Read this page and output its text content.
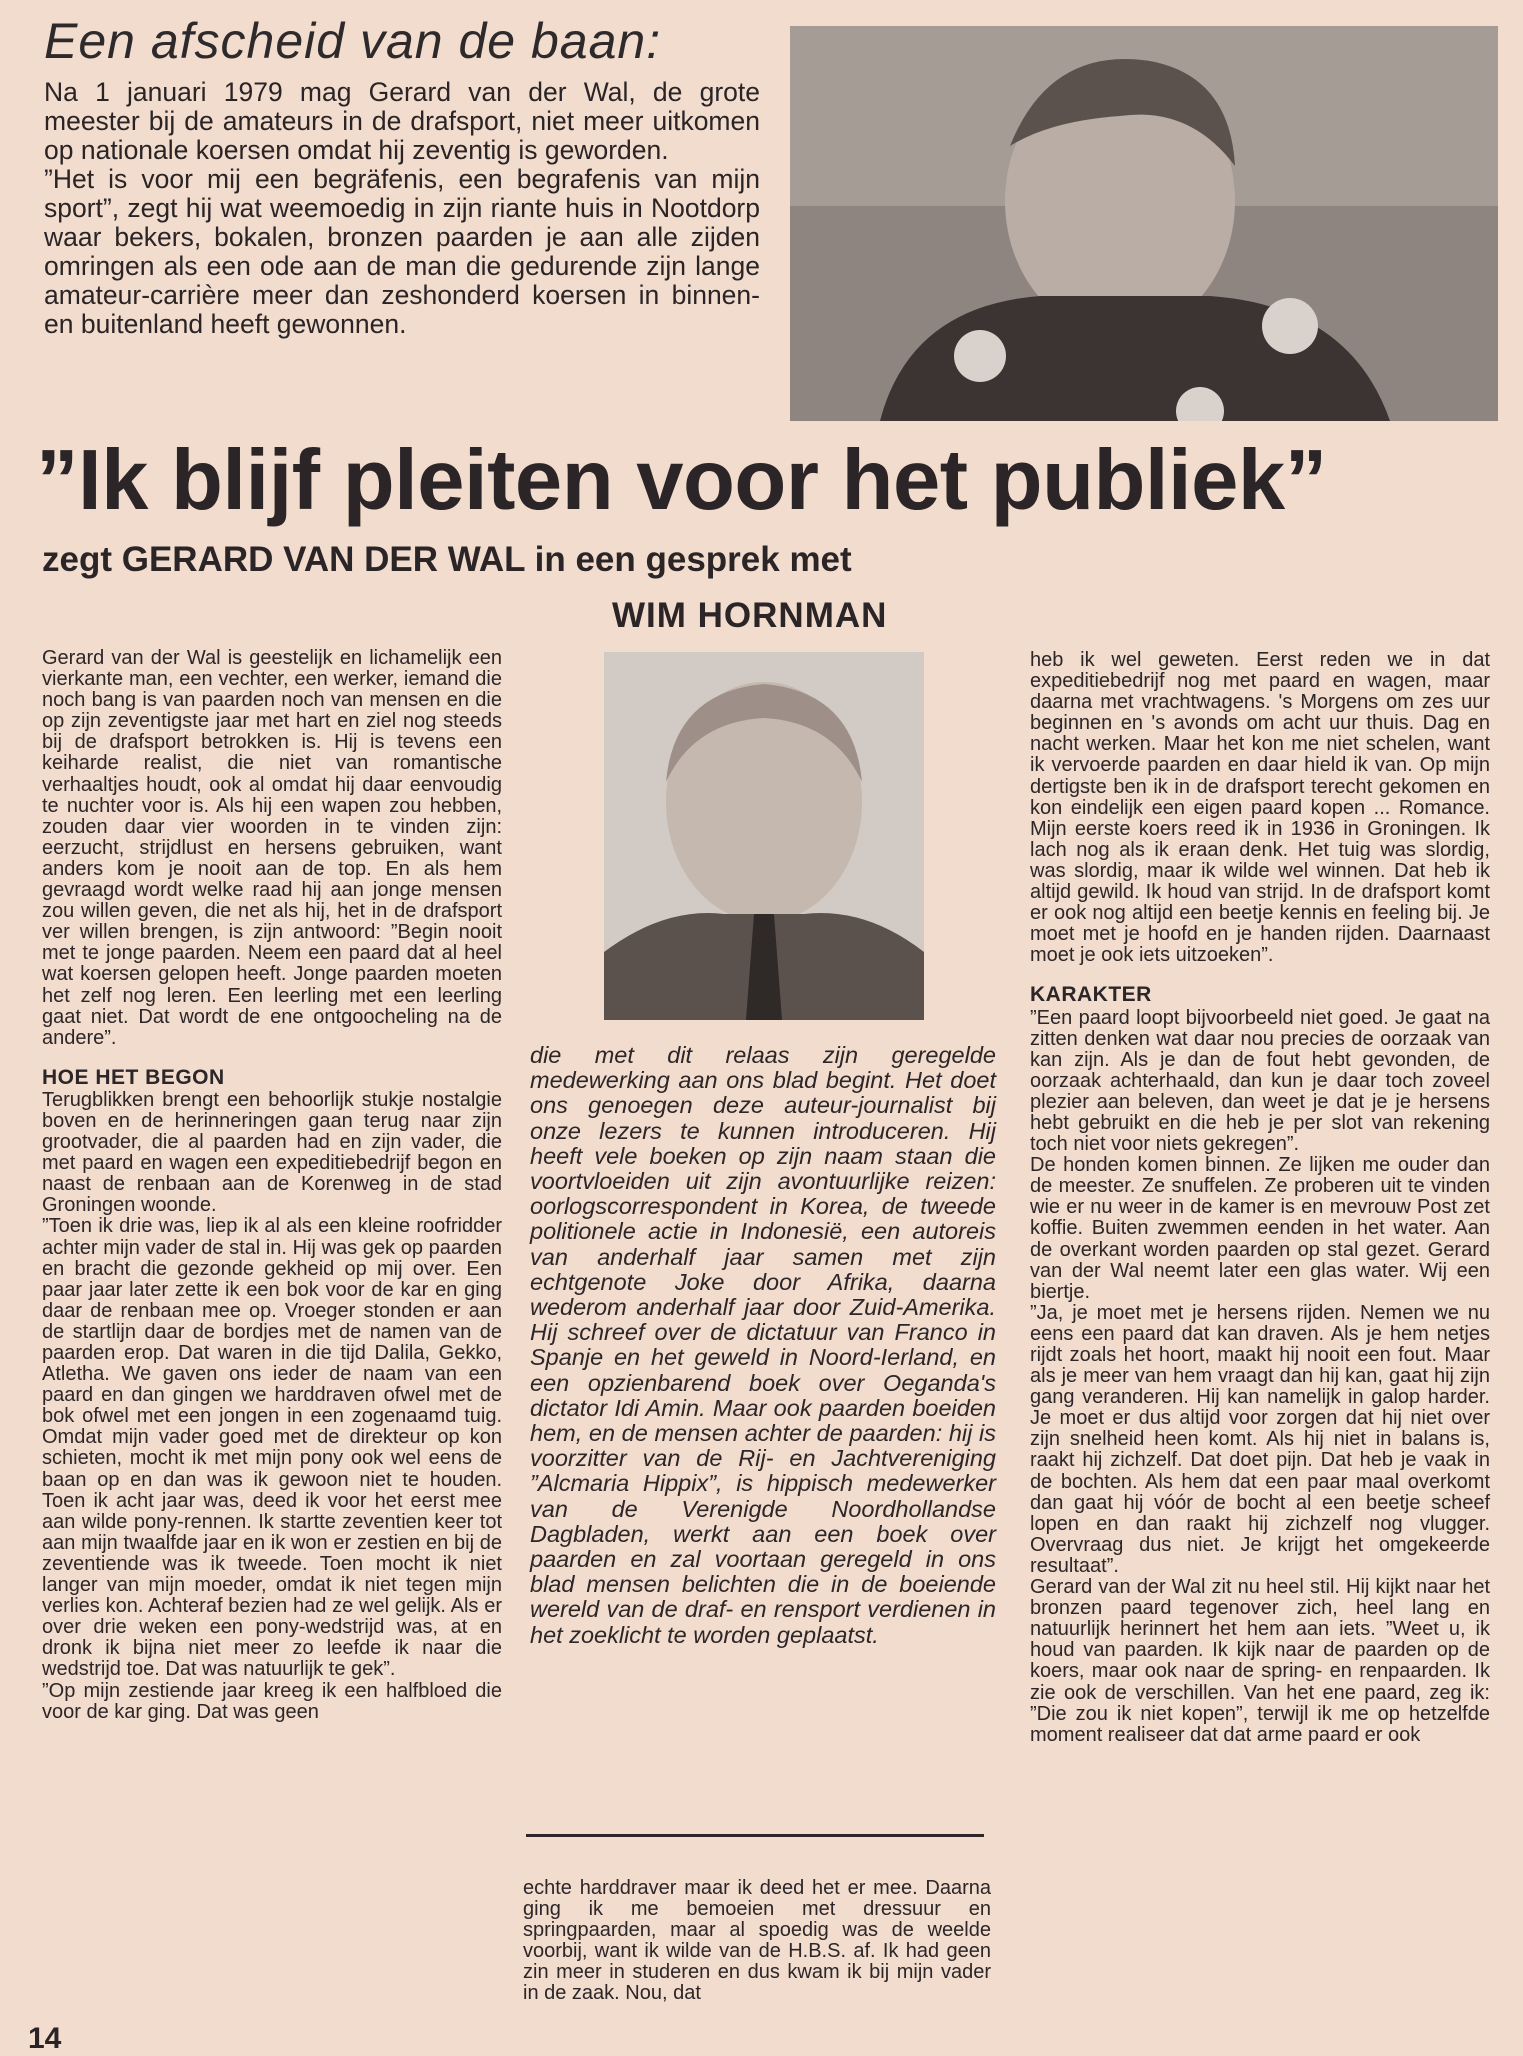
Een afscheid van de baan:

Na 1 januari 1979 mag Gerard van der Wal, de grote meester bij de amateurs in de drafsport, niet meer uitkomen op nationale koersen omdat hij zeventig is geworden.

”Het is voor mij een begräfenis, een begrafenis van mijn sport”, zegt hij wat weemoedig in zijn riante huis in Nootdorp waar bekers, bokalen, bronzen paarden je aan alle zijden omringen als een ode aan de man die gedurende zijn lange amateur-carrière meer dan zeshonderd koersen in binnen- en buitenland heeft gewonnen.

”Ik blijf pleiten voor het publiek”
zegt GERARD VAN DER WAL in een gesprek met
WIM HORNMAN

Gerard van der Wal is geestelijk en lichamelijk een vierkante man, een vechter, een werker, iemand die noch bang is van paarden noch van mensen en die op zijn zeventigste jaar met hart en ziel nog steeds bij de drafsport betrokken is. Hij is tevens een keiharde realist, die niet van romantische verhaaltjes houdt, ook al omdat hij daar eenvoudig te nuchter voor is. Als hij een wapen zou hebben, zouden daar vier woorden in te vinden zijn: eerzucht, strijdlust en hersens gebruiken, want anders kom je nooit aan de top. En als hem gevraagd wordt welke raad hij aan jonge mensen zou willen geven, die net als hij, het in de drafsport ver willen brengen, is zijn antwoord: ”Begin nooit met te jonge paarden. Neem een paard dat al heel wat koersen gelopen heeft. Jonge paarden moeten het zelf nog leren. Een leerling met een leerling gaat niet. Dat wordt de ene ontgoocheling na de andere”.

HOE HET BEGON

Terugblikken brengt een behoorlijk stukje nostalgie boven en de herinneringen gaan terug naar zijn grootvader, die al paarden had en zijn vader, die met paard en wagen een expeditiebedrijf begon en naast de renbaan aan de Korenweg in de stad Groningen woonde.

”Toen ik drie was, liep ik al als een kleine roofridder achter mijn vader de stal in. Hij was gek op paarden en bracht die gezonde gekheid op mij over. Een paar jaar later zette ik een bok voor de kar en ging daar de renbaan mee op. Vroeger stonden er aan de startlijn daar de bordjes met de namen van de paarden erop. Dat waren in die tijd Dalila, Gekko, Atletha. We gaven ons ieder de naam van een paard en dan gingen we harddraven ofwel met de bok ofwel met een jongen in een zogenaamd tuig. Omdat mijn vader goed met de direkteur op kon schieten, mocht ik met mijn pony ook wel eens de baan op en dan was ik gewoon niet te houden. Toen ik acht jaar was, deed ik voor het eerst mee aan wilde pony-rennen. Ik startte zeventien keer tot aan mijn twaalfde jaar en ik won er zestien en bij de zeventiende was ik tweede. Toen mocht ik niet langer van mijn moeder, omdat ik niet tegen mijn verlies kon. Achteraf bezien had ze wel gelijk. Als er over drie weken een pony-wedstrijd was, at en dronk ik bijna niet meer zo leefde ik naar die wedstrijd toe. Dat was natuurlijk te gek”.

”Op mijn zestiende jaar kreeg ik een halfbloed die voor de kar ging. Dat was geen

die met dit relaas zijn geregelde medewerking aan ons blad begint. Het doet ons genoegen deze auteur-journalist bij onze lezers te kunnen introduceren. Hij heeft vele boeken op zijn naam staan die voortvloeiden uit zijn avontuurlijke reizen: oorlogscorrespondent in Korea, de tweede politionele actie in Indonesië, een autoreis van anderhalf jaar samen met zijn echtgenote Joke door Afrika, daarna wederom anderhalf jaar door Zuid-Amerika. Hij schreef over de dictatuur van Franco in Spanje en het geweld in Noord-Ierland, en een opzienbarend boek over Oeganda's dictator Idi Amin. Maar ook paarden boeiden hem, en de mensen achter de paarden: hij is voorzitter van de Rij- en Jachtvereniging ”Alcmaria Hippix”, is hippisch medewerker van de Verenigde Noordhollandse Dagbladen, werkt aan een boek over paarden en zal voortaan geregeld in ons blad mensen belichten die in de boeiende wereld van de draf- en rensport verdienen in het zoeklicht te worden geplaatst.

echte harddraver maar ik deed het er mee. Daarna ging ik me bemoeien met dressuur en springpaarden, maar al spoedig was de weelde voorbij, want ik wilde van de H.B.S. af. Ik had geen zin meer in studeren en dus kwam ik bij mijn vader in de zaak. Nou, dat

heb ik wel geweten. Eerst reden we in dat expeditiebedrijf nog met paard en wagen, maar daarna met vrachtwagens. 's Morgens om zes uur beginnen en 's avonds om acht uur thuis. Dag en nacht werken. Maar het kon me niet schelen, want ik vervoerde paarden en daar hield ik van. Op mijn dertigste ben ik in de drafsport terecht gekomen en kon eindelijk een eigen paard kopen ... Romance. Mijn eerste koers reed ik in 1936 in Groningen. Ik lach nog als ik eraan denk. Het tuig was slordig, was slordig, maar ik wilde wel winnen. Dat heb ik altijd gewild. Ik houd van strijd. In de drafsport komt er ook nog altijd een beetje kennis en feeling bij. Je moet met je hoofd en je handen rijden. Daarnaast moet je ook iets uitzoeken”.

KARAKTER

”Een paard loopt bijvoorbeeld niet goed. Je gaat na zitten denken wat daar nou precies de oorzaak van kan zijn. Als je dan de fout hebt gevonden, de oorzaak achterhaald, dan kun je daar toch zoveel plezier aan beleven, dan weet je dat je je hersens hebt gebruikt en die heb je per slot van rekening toch niet voor niets gekregen”.

De honden komen binnen. Ze lijken me ouder dan de meester. Ze snuffelen. Ze proberen uit te vinden wie er nu weer in de kamer is en mevrouw Post zet koffie. Buiten zwemmen eenden in het water. Aan de overkant worden paarden op stal gezet. Gerard van der Wal neemt later een glas water. Wij een biertje.

”Ja, je moet met je hersens rijden. Nemen we nu eens een paard dat kan draven. Als je hem netjes rijdt zoals het hoort, maakt hij nooit een fout. Maar als je meer van hem vraagt dan hij kan, gaat hij zijn gang veranderen. Hij kan namelijk in galop harder. Je moet er dus altijd voor zorgen dat hij niet over zijn snelheid heen komt. Als hij niet in balans is, raakt hij zichzelf. Dat doet pijn. Dat heb je vaak in de bochten. Als hem dat een paar maal overkomt dan gaat hij vóór de bocht al een beetje scheef lopen en dan raakt hij zichzelf nog vlugger. Overvraag dus niet. Je krijgt het omgekeerde resultaat”.

Gerard van der Wal zit nu heel stil. Hij kijkt naar het bronzen paard tegenover zich, heel lang en natuurlijk herinnert het hem aan iets. ”Weet u, ik houd van paarden. Ik kijk naar de paarden op de koers, maar ook naar de spring- en renpaarden. Ik zie ook de verschillen. Van het ene paard, zeg ik: ”Die zou ik niet kopen”, terwijl ik me op hetzelfde moment realiseer dat dat arme paard er ook

14
